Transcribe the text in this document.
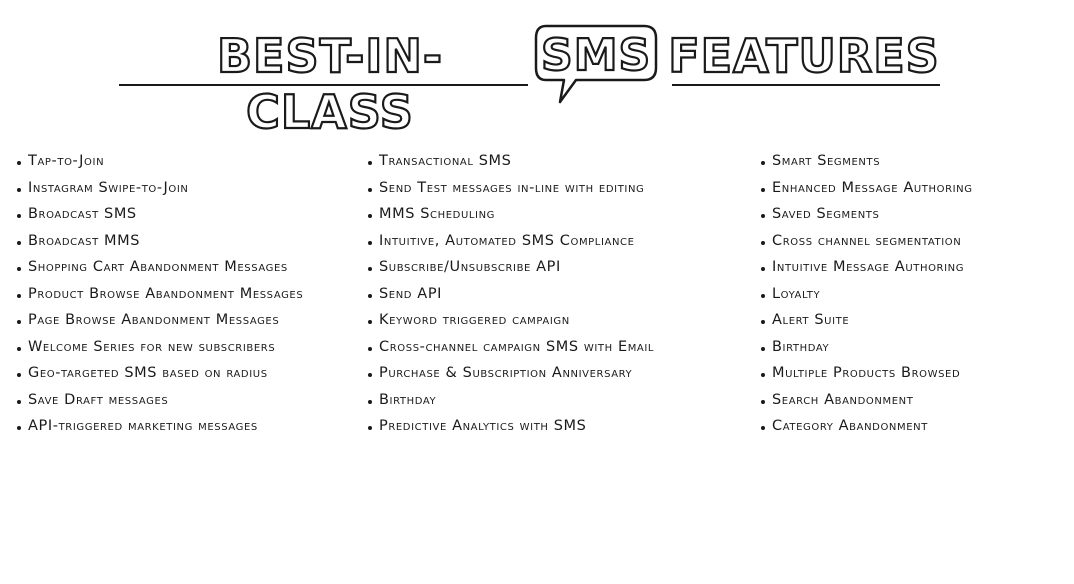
BEST-IN-CLASS
SMS FEATURES
Tap-to-Join
Instagram Swipe-to-Join
Broadcast SMS
Broadcast MMS
Shopping Cart Abandonment Messages
Product Browse Abandonment Messages
Page Browse Abandonment Messages
Welcome Series for new subscribers
Geo-targeted SMS based on radius
Save Draft messages
API-triggered marketing messages
Transactional SMS
Send Test messages in-line with editing
MMS Scheduling
Intuitive, Automated SMS Compliance
Subscribe/Unsubscribe API
Send API
Keyword triggered campaign
Cross-channel campaign SMS with Email
Purchase & Subscription Anniversary
Birthday
Predictive Analytics with SMS
Smart Segments
Enhanced Message Authoring
Saved Segments
Cross channel segmentation
Intuitive Message Authoring
Loyalty
Alert Suite
Birthday
Multiple Products Browsed
Search Abandonment
Category Abandonment
